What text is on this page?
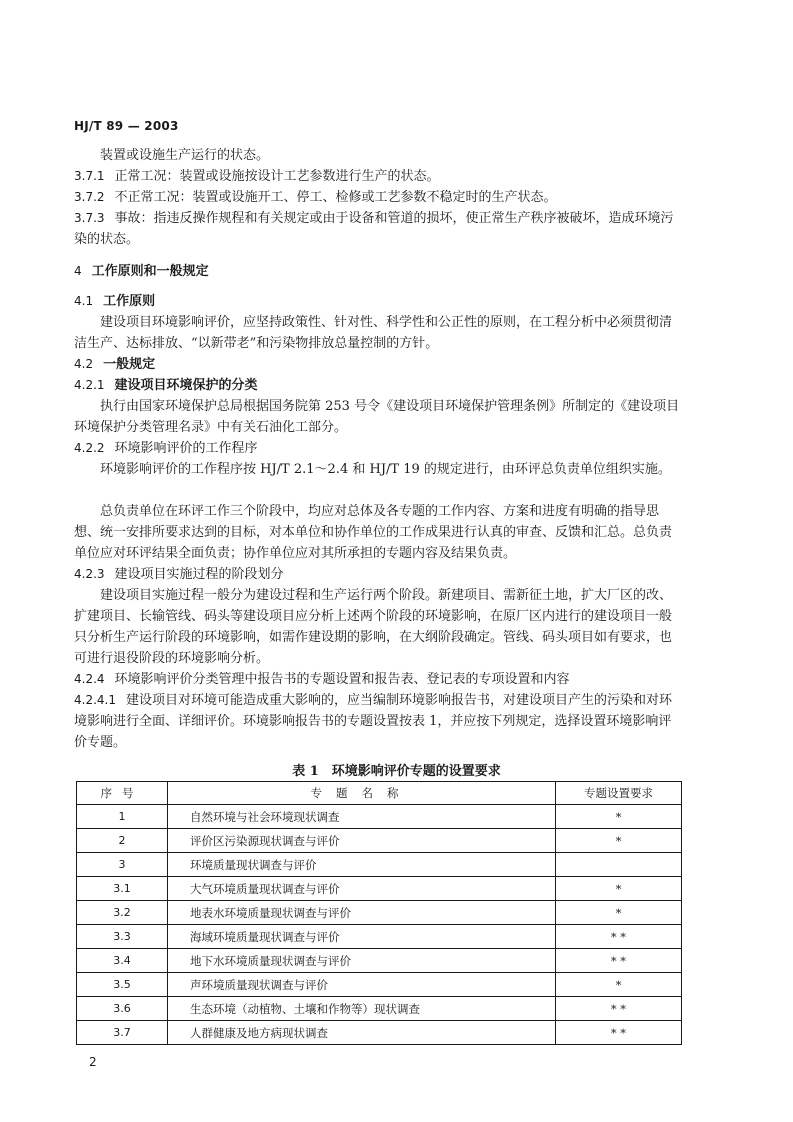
HJ/T 89 — 2003
装置或设施生产运行的状态。
3.7.1 正常工况：装置或设施按设计工艺参数进行生产的状态。
3.7.2 不正常工况：装置或设施开工、停工、检修或工艺参数不稳定时的生产状态。
3.7.3 事故：指违反操作规程和有关规定或由于设备和管道的损坏，使正常生产秩序被破坏，造成环境污染的状态。
4 工作原则和一般规定
4.1 工作原则
建设项目环境影响评价，应坚持政策性、针对性、科学性和公正性的原则，在工程分析中必须贯彻清洁生产、达标排放、“以新带老”和污染物排放总量控制的方针。
4.2 一般规定
4.2.1 建设项目环境保护的分类
执行由国家环境保护总局根据国务院第 253 号令《建设项目环境保护管理条例》所制定的《建设项目环境保护分类管理名录》中有关石油化工部分。
4.2.2 环境影响评价的工作程序
环境影响评价的工作程序按 HJ/T 2.1～2.4 和 HJ/T 19 的规定进行，由环评总负责单位组织实施。
总负责单位在环评工作三个阶段中，均应对总体及各专题的工作内容、方案和进度有明确的指导思想、统一安排所要求达到的目标，对本单位和协作单位的工作成果进行认真的审查、反馈和汇总。总负责单位应对环评结果全面负责；协作单位应对其所承担的专题内容及结果负责。
4.2.3 建设项目实施过程的阶段划分
建设项目实施过程一般分为建设过程和生产运行两个阶段。新建项目、需新征土地，扩大厂区的改、扩建项目、长输管线、码头等建设项目应分析上述两个阶段的环境影响，在原厂区内进行的建设项目一般只分析生产运行阶段的环境影响，如需作建设期的影响，在大纲阶段确定。管线、码头项目如有要求，也可进行退役阶段的环境影响分析。
4.2.4 环境影响评价分类管理中报告书的专题设置和报告表、登记表的专项设置和内容
4.2.4.1 建设项目对环境可能造成重大影响的，应当编制环境影响报告书，对建设项目产生的污染和对环境影响进行全面、详细评价。环境影响报告书的专题设置按表 1，并应按下列规定，选择设置环境影响评价专题。
表 1　环境影响评价专题的设置要求
序号	专题名称	专题设置要求
1	自然环境与社会环境现状调查	*
2	评价区污染源现状调查与评价	*
3	环境质量现状调查与评价	
3.1	大气环境质量现状调查与评价	*
3.2	地表水环境质量现状调查与评价	*
3.3	海域环境质量现状调查与评价	* *
3.4	地下水环境质量现状调查与评价	* *
3.5	声环境质量现状调查与评价	*
3.6	生态环境（动植物、土壤和作物等）现状调查	* *
3.7	人群健康及地方病现状调查	* *
2
